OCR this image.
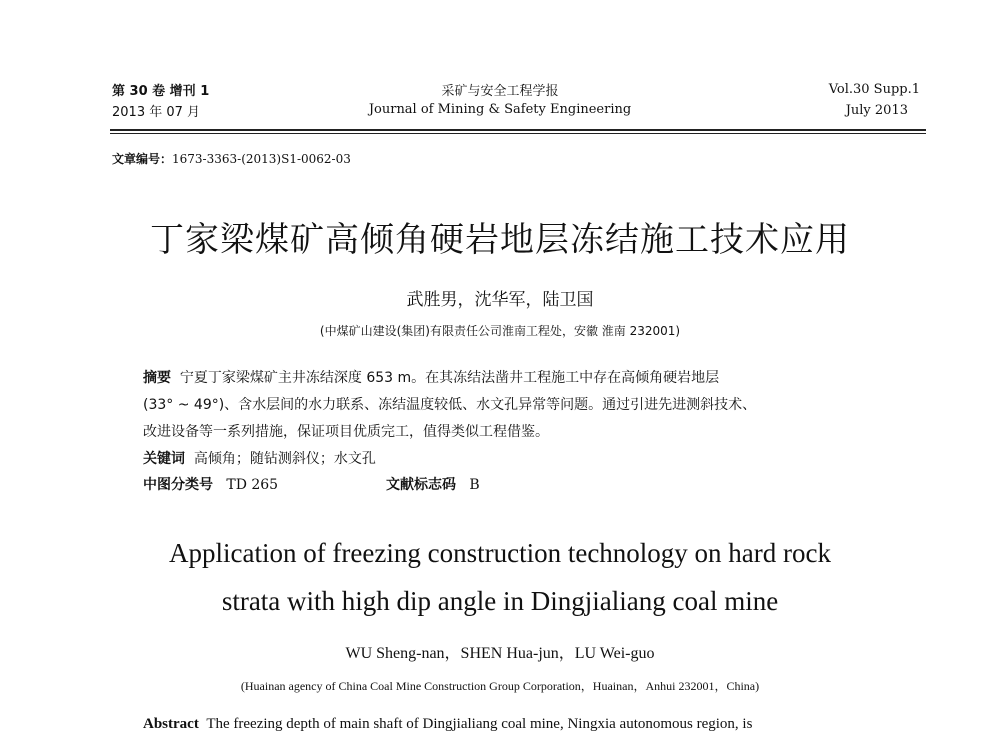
第 30 卷 增刊 1
2013 年 07 月
采矿与安全工程学报
Journal of Mining & Safety Engineering
Vol.30 Supp.1
July 2013
文章编号：1673-3363-(2013)S1-0062-03
丁家梁煤矿高倾角硬岩地层冻结施工技术应用
武胜男，沈华军，陆卫国
(中煤矿山建设(集团)有限责任公司淮南工程处，安徽 淮南 232001)
摘要 宁夏丁家梁煤矿主井冻结深度 653 m。在其冻结法凿井工程施工中存在高倾角硬岩地层
(33° ~ 49°)、含水层间的水力联系、冻结温度较低、水文孔异常等问题。通过引进先进测斜技术、
改进设备等一系列措施，保证项目优质完工，值得类似工程借鉴。
关键词 高倾角；随钻测斜仪；水文孔
中图分类号 TD 265	文献标志码 B
Application of freezing construction technology on hard rock
strata with high dip angle in Dingjialiang coal mine
WU Sheng-nan，SHEN Hua-jun，LU Wei-guo
(Huainan agency of China Coal Mine Construction Group Corporation，Huainan，Anhui 232001，China)
Abstract The freezing depth of main shaft of Dingjialiang coal mine, Ningxia autonomous region, is
